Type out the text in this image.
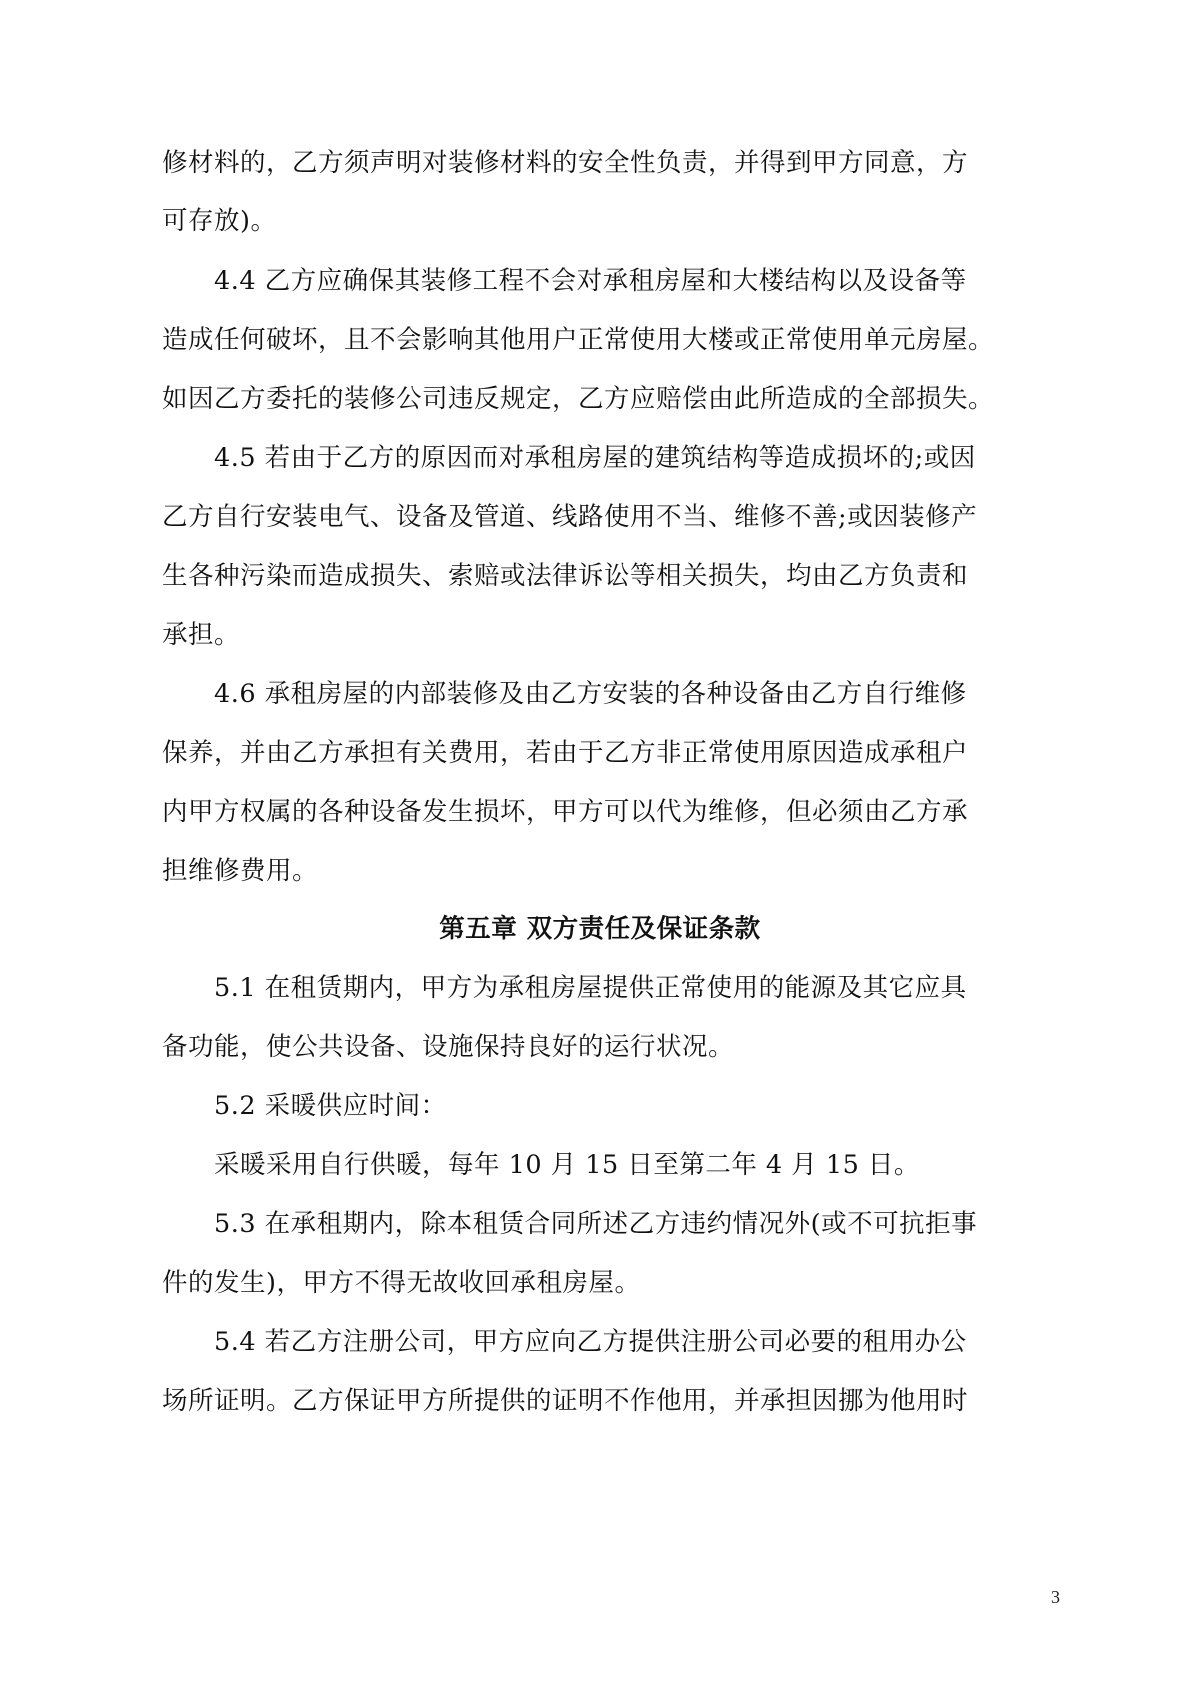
修材料的，乙方须声明对装修材料的安全性负责，并得到甲方同意，方
可存放)。
4.4 乙方应确保其装修工程不会对承租房屋和大楼结构以及设备等
造成任何破坏，且不会影响其他用户正常使用大楼或正常使用单元房屋。
如因乙方委托的装修公司违反规定，乙方应赔偿由此所造成的全部损失。
4.5 若由于乙方的原因而对承租房屋的建筑结构等造成损坏的;或因
乙方自行安装电气、设备及管道、线路使用不当、维修不善;或因装修产
生各种污染而造成损失、索赔或法律诉讼等相关损失，均由乙方负责和
承担。
4.6 承租房屋的内部装修及由乙方安装的各种设备由乙方自行维修
保养，并由乙方承担有关费用，若由于乙方非正常使用原因造成承租户
内甲方权属的各种设备发生损坏，甲方可以代为维修，但必须由乙方承
担维修费用。
第五章 双方责任及保证条款
5.1 在租赁期内，甲方为承租房屋提供正常使用的能源及其它应具
备功能，使公共设备、设施保持良好的运行状况。
5.2 采暖供应时间：
采暖采用自行供暖，每年 10 月 15 日至第二年 4 月 15 日。
5.3 在承租期内，除本租赁合同所述乙方违约情况外(或不可抗拒事
件的发生)，甲方不得无故收回承租房屋。
5.4 若乙方注册公司，甲方应向乙方提供注册公司必要的租用办公
场所证明。乙方保证甲方所提供的证明不作他用，并承担因挪为他用时
3
